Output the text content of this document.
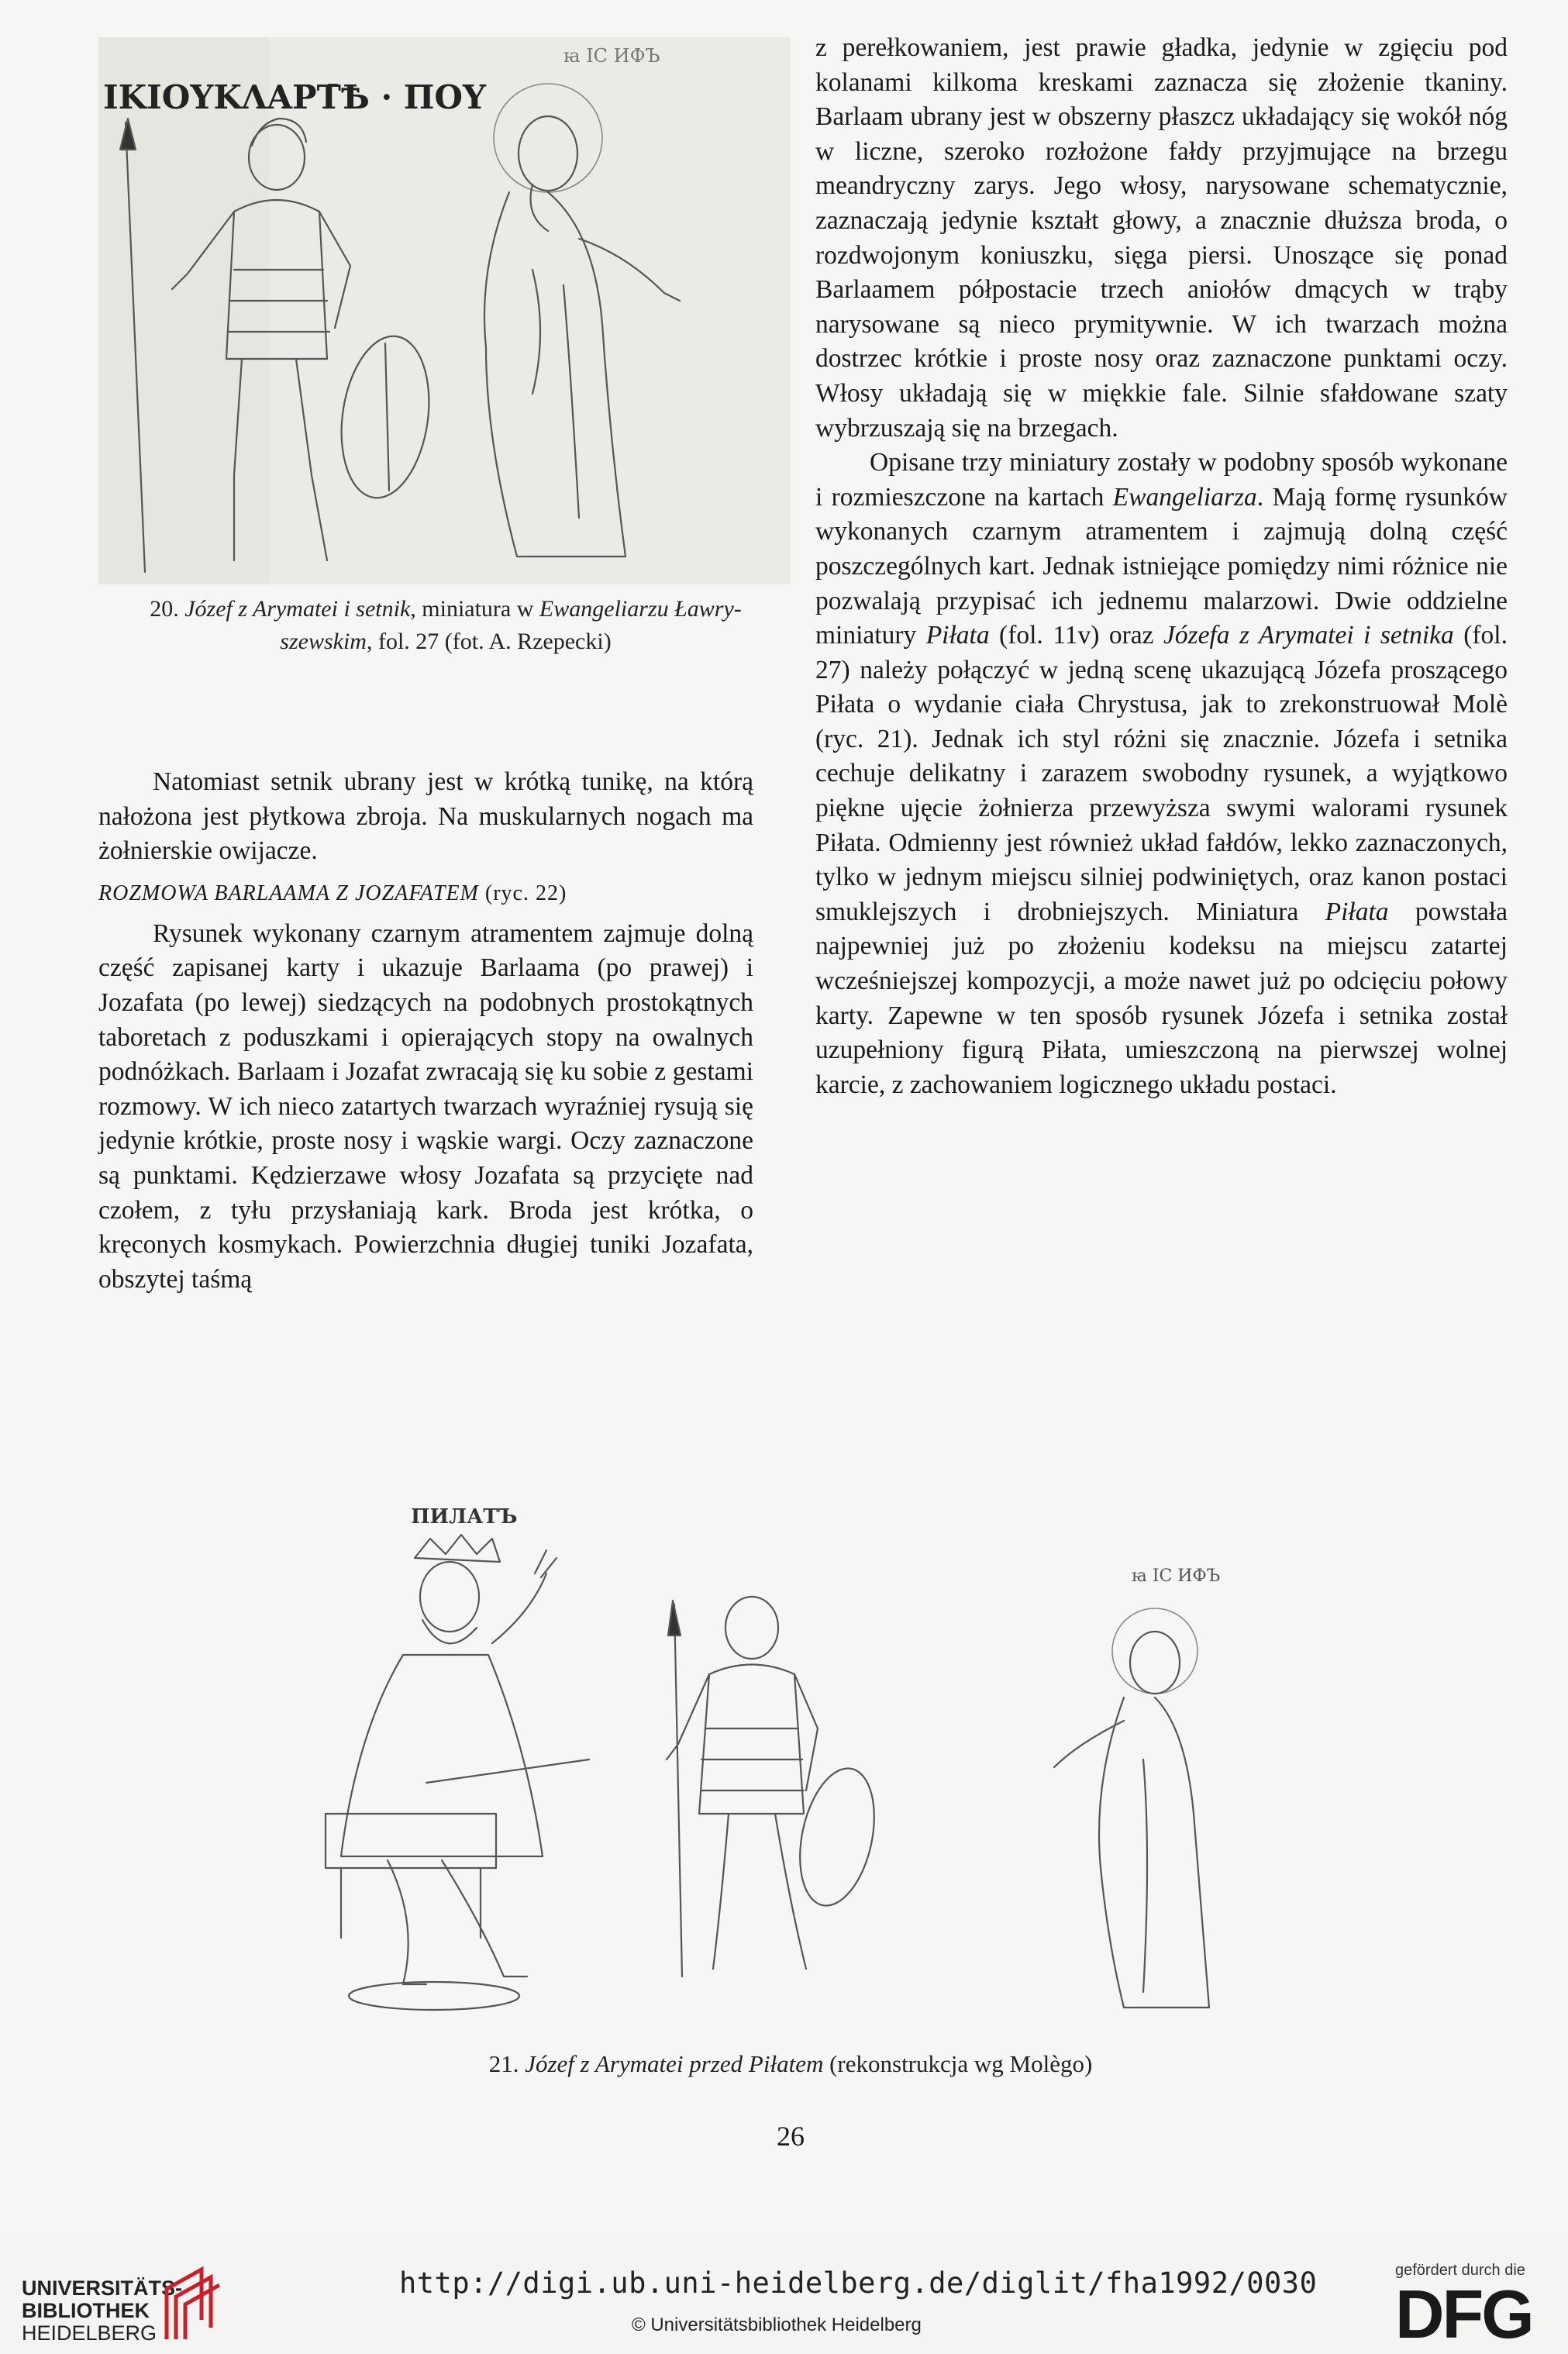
ΙΚΙΟΥΚΛΑΡΤ̄Ѣ · ΠΟΥ
ꙗ ІС ИФЪ
20. Józef z Arymatei i setnik, miniatura w Ewangeliarzu Ławry-
szewskim, fol. 27 (fot. A. Rzepecki)

Natomiast setnik ubrany jest w krótką tunikę, na którą nałożona jest płytkowa zbroja. Na muskularnych nogach ma żołnierskie owijacze.

ROZMOWA BARLAAMA Z JOZAFATEM (ryc. 22)

Rysunek wykonany czarnym atramentem zajmuje dolną część zapisanej karty i ukazuje Barlaama (po prawej) i Jozafata (po lewej) siedzących na podobnych prostokątnych taboretach z poduszkami i opierających stopy na owalnych podnóżkach. Barlaam i Jozafat zwracają się ku sobie z gestami rozmowy. W ich nieco zatartych twarzach wyraźniej rysują się jedynie krótkie, proste nosy i wąskie wargi. Oczy zaznaczone są punktami. Kędzierzawe włosy Jozafata są przycięte nad czołem, z tyłu przysłaniają kark. Broda jest krótka, o kręconych kosmykach. Powierzchnia długiej tuniki Jozafata, obszytej taśmą

z perełkowaniem, jest prawie gładka, jedynie w zgięciu pod kolanami kilkoma kreskami zaznacza się złożenie tkaniny. Barlaam ubrany jest w obszerny płaszcz układający się wokół nóg w liczne, szeroko rozłożone fałdy przyjmujące na brzegu meandryczny zarys. Jego włosy, narysowane schematycznie, zaznaczają jedynie kształt głowy, a znacznie dłuższa broda, o rozdwojonym koniuszku, sięga piersi. Unoszące się ponad Barlaamem półpostacie trzech aniołów dmących w trąby narysowane są nieco prymitywnie. W ich twarzach można dostrzec krótkie i proste nosy oraz zaznaczone punktami oczy. Włosy układają się w miękkie fale. Silnie sfałdowane szaty wybrzuszają się na brzegach.

Opisane trzy miniatury zostały w podobny sposób wykonane i rozmieszczone na kartach Ewangeliarza. Mają formę rysunków wykonanych czarnym atramentem i zajmują dolną część poszczególnych kart. Jednak istniejące pomiędzy nimi różnice nie pozwalają przypisać ich jednemu malarzowi. Dwie oddzielne miniatury Piłata (fol. 11v) oraz Józefa z Arymatei i setnika (fol. 27) należy połączyć w jedną scenę ukazującą Józefa proszącego Piłata o wydanie ciała Chrystusa, jak to zrekonstruował Molè (ryc. 21). Jednak ich styl różni się znacznie. Józefa i setnika cechuje delikatny i zarazem swobodny rysunek, a wyjątkowo piękne ujęcie żołnierza przewyższa swymi walorami rysunek Piłata. Odmienny jest również układ fałdów, lekko zaznaczonych, tylko w jednym miejscu silniej podwiniętych, oraz kanon postaci smuklejszych i drobniejszych. Miniatura Piłata powstała najpewniej już po złożeniu kodeksu na miejscu zatartej wcześniejszej kompozycji, a może nawet już po odcięciu połowy karty. Zapewne w ten sposób rysunek Józefa i setnika został uzupełniony figurą Piłata, umieszczoną na pierwszej wolnej karcie, z zachowaniem logicznego układu postaci.

ПИЛАТЪ
ꙗ ІС ИФЪ
21. Józef z Arymatei przed Piłatem (rekonstrukcja wg Molègo)
26
UNIVERSITÄTS-
BIBLIOTHEK
HEIDELBERG
http://digi.ub.uni-heidelberg.de/diglit/fha1992/0030
© Universitätsbibliothek Heidelberg
gefördert durch die
DFG
